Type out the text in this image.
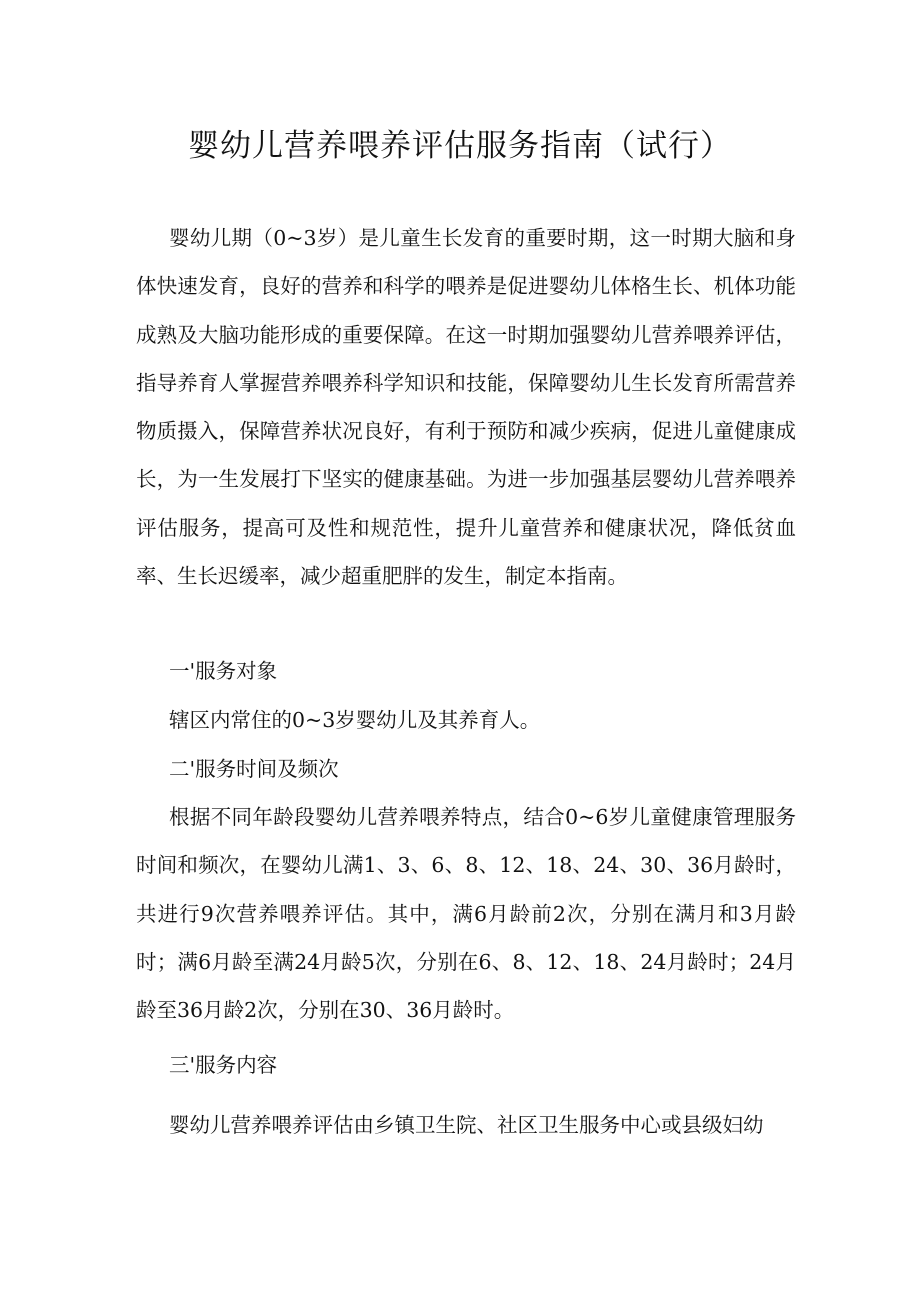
婴幼儿营养喂养评估服务指南（试行）

婴幼儿期（0~3岁）是儿童生长发育的重要时期，这一时期大脑和身体快速发育，良好的营养和科学的喂养是促进婴幼儿体格生长、机体功能成熟及大脑功能形成的重要保障。在这一时期加强婴幼儿营养喂养评估，指导养育人掌握营养喂养科学知识和技能，保障婴幼儿生长发育所需营养物质摄入，保障营养状况良好，有利于预防和减少疾病，促进儿童健康成长，为一生发展打下坚实的健康基础。为进一步加强基层婴幼儿营养喂养评估服务，提高可及性和规范性，提升儿童营养和健康状况，降低贫血率、生长迟缓率，减少超重肥胖的发生，制定本指南。

一'服务对象

辖区内常住的0~3岁婴幼儿及其养育人。

二'服务时间及频次

根据不同年龄段婴幼儿营养喂养特点，结合0~6岁儿童健康管理服务时间和频次，在婴幼儿满1、3、6、8、12、18、24、30、36月龄时，共进行9次营养喂养评估。其中，满6月龄前2次，分别在满月和3月龄时；满6月龄至满24月龄5次，分别在6、8、12、18、24月龄时；24月龄至36月龄2次，分别在30、36月龄时。

三'服务内容

婴幼儿营养喂养评估由乡镇卫生院、社区卫生服务中心或县级妇幼
